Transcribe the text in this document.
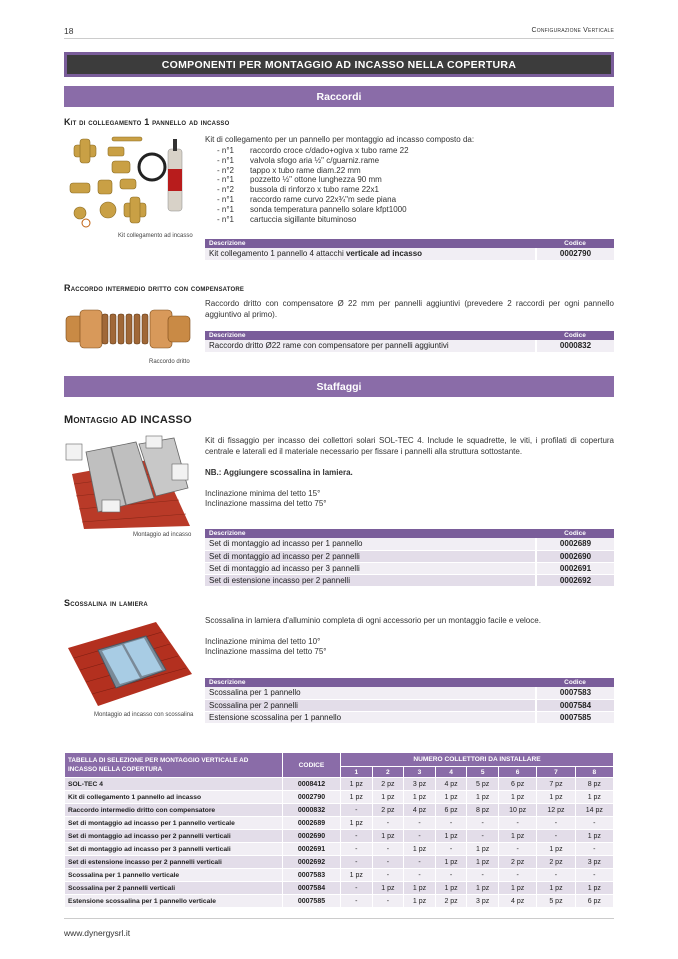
18	Configurazione Verticale
COMPONENTI PER MONTAGGIO AD INCASSO NELLA COPERTURA
Raccordi
Kit di collegamento 1 pannello ad incasso
Kit collegamento ad incasso
Kit di collegamento per un pannello per montaggio ad incasso composto da:
- n°1	raccordo croce c/dado+ogiva x tubo rame 22
- n°1	valvola sfogo aria ½" c/guarniz.rame
- n°2	tappo x tubo rame diam.22 mm
- n°1	pozzetto ½" ottone lunghezza 90 mm
- n°2	bussola di rinforzo x tubo rame 22x1
- n°1	raccordo rame curvo 22x¾"m sede piana
- n°1	sonda temperatura pannello solare kfpt1000
- n°1	cartuccia sigillante bituminoso
Descrizione	Codice
Kit collegamento 1 pannello 4 attacchi verticale ad incasso	0002790
Raccordo intermedio dritto con compensatore
Raccordo dritto
Raccordo dritto con compensatore Ø 22 mm per pannelli aggiuntivi (prevedere 2 raccordi per ogni pannello aggiuntivo al primo).
Descrizione	Codice
Raccordo dritto Ø22 rame con compensatore per pannelli aggiuntivi	0000832
Staffaggi
Montaggio AD INCASSO
Montaggio ad incasso
Kit di fissaggio per incasso dei collettori solari SOL-TEC 4. Include le squadrette, le viti, i profilati di copertura centrale e laterali ed il materiale necessario per fissare i pannelli alla struttura sottostante.
NB.: Aggiungere scossalina in lamiera.
Inclinazione minima del tetto 15°
Inclinazione massima del tetto 75°
Descrizione	Codice
Set di montaggio ad incasso per 1 pannello	0002689
Set di montaggio ad incasso per 2 pannelli	0002690
Set di montaggio ad incasso per 3 pannelli	0002691
Set di estensione incasso per 2 pannelli	0002692
Scossalina in lamiera
Montaggio ad incasso con scossalina
Scossalina in lamiera d'alluminio completa di ogni accessorio per un montaggio facile e veloce.
Inclinazione minima del tetto 10°
Inclinazione massima del tetto 75°
Descrizione	Codice
Scossalina per 1 pannello	0007583
Scossalina per 2 pannelli	0007584
Estensione scossalina per 1 pannello	0007585
TABELLA DI SELEZIONE PER MONTAGGIO VERTICALE AD INCASSO NELLA COPERTURA	CODICE	NUMERO COLLETTORI DA INSTALLARE							
		1	2	3	4	5	6	7	8
SOL-TEC 4	0008412	1 pz	2 pz	3 pz	4 pz	5 pz	6 pz	7 pz	8 pz
Kit di collegamento 1 pannello ad incasso	0002790	1 pz	1 pz	1 pz	1 pz	1 pz	1 pz	1 pz	1 pz
Raccordo intermedio dritto con compensatore	0000832	-	2 pz	4 pz	6 pz	8 pz	10 pz	12 pz	14 pz
Set di montaggio ad incasso per 1 pannello verticale	0002689	1 pz	-	-	-	-	-	-	-
Set di montaggio ad incasso per 2 pannelli verticali	0002690	-	1 pz	-	1 pz	-	1 pz	-	1 pz
Set di montaggio ad incasso per 3 pannelli verticali	0002691	-	-	1 pz	-	1 pz	-	1 pz	-
Set di estensione incasso per 2 pannelli verticali	0002692	-	-	-	1 pz	1 pz	2 pz	2 pz	3 pz
Scossalina per 1 pannello verticale	0007583	1 pz	-	-	-	-	-	-	-
Scossalina per 2 pannelli verticali	0007584	-	1 pz	1 pz	1 pz	1 pz	1 pz	1 pz	1 pz
Estensione scossalina per 1 pannello verticale	0007585	-	-	1 pz	2 pz	3 pz	4 pz	5 pz	6 pz
www.dynergysrl.it
